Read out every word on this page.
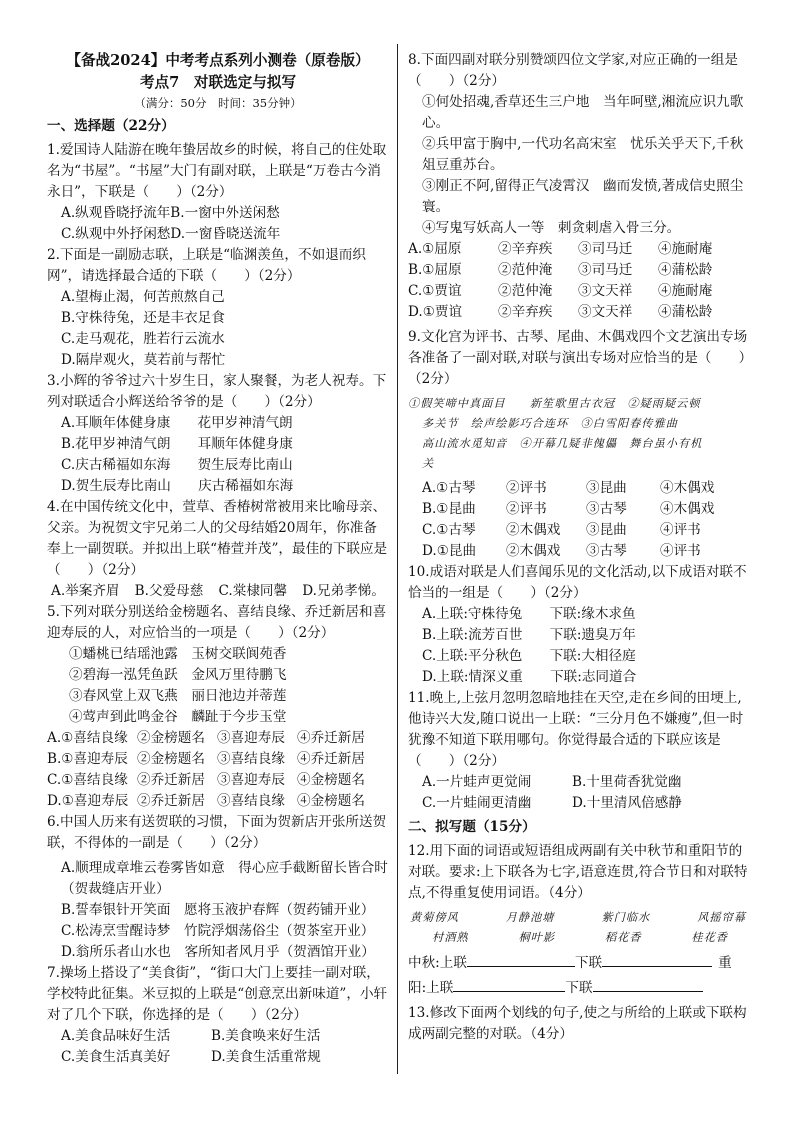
【备战2024】中考考点系列小测卷（原卷版）
考点7　对联选定与拟写
（满分：50分　时间：35分钟）
一、选择题（22分）
1.爱国诗人陆游在晚年蛰居故乡的时候，将自己的住处取名为“书屋”。“书屋”大门有副对联，上联是“万卷古今消永日”，下联是（　　）（2分）
A.纵观昏晓抒流年B.一窗中外送闲愁
C.纵观中外抒闲愁D.一窗昏晓送流年
2.下面是一副励志联，上联是“临渊羡鱼，不如退而织网”，请选择最合适的下联（　　）（2分）
A.望梅止渴，何苦煎熬自己
B.守株待兔，还是丰衣足食
C.走马观花，胜若行云流水
D.隔岸观火，莫若前与帮忙
3.小辉的爷爷过六十岁生日，家人聚餐，为老人祝寿。下列对联适合小辉送给爷爷的是（　　）（2分）
A.耳顺年体健身康　　花甲岁神清气朗
B.花甲岁神清气朗　　耳顺年体健身康
C.庆古稀福如东海　　贺生辰寿比南山
D.贺生辰寿比南山　　庆古稀福如东海
4.在中国传统文化中，萱草、香椿树常被用来比喻母亲、父亲。为祝贺文宇兄弟二人的父母结婚20周年，你准备奉上一副贺联。并拟出上联“椿萱并茂”，最佳的下联应是（　　）（2分）
A.举案齐眉 B.父爱母慈 C.棠棣同馨 D.兄弟孝悌。
5.下列对联分别送给金榜题名、喜结良缘、乔迁新居和喜迎寿辰的人，对应恰当的一项是（　　）（2分）
①蟠桃已结瑶池露　玉树交联阆苑香
②碧海一泓凭鱼跃　金风万里待鹏飞
③春风堂上双飞燕　丽日池边并蒂莲
④莺声到此鸣金谷　麟趾于今步玉堂
A.①喜结良缘 ②金榜题名 ③喜迎寿辰 ④乔迁新居
B.①喜迎寿辰 ②金榜题名 ③喜结良缘 ④乔迁新居
C.①喜结良缘 ②乔迁新居 ③喜迎寿辰 ④金榜题名
D.①喜迎寿辰 ②乔迁新居 ③喜结良缘 ④金榜题名
6.中国人历来有送贺联的习惯，下面为贺新店开张所送贺联，不得体的一副是（　　）（2分）
A.顺理成章堆云卷雾皆如意　得心应手截断留长皆合时（贺裁缝店开业）
B.誓奉银针开笑面　愿将玉液护春辉（贺药铺开业）
C.松涛烹雪醒诗梦　竹院浮烟荡俗尘（贺茶室开业）
D.翁所乐者山水也　客所知者风月乎（贺酒馆开业）
7.操场上搭设了“美食街”，“街口大门上要挂一副对联，学校特此征集。米豆拟的上联是“创意烹出新味道”，小轩对了几个下联，你选择的是（　　）（2分）
A.美食品味好生活	B.美食唤来好生活
C.美食生活真美好	D.美食生活重常规
8.下面四副对联分别赞颂四位文学家,对应正确的一组是（　　）（2分）
①何处招魂,香草还生三户地　当年呵壁,湘流应识九歌心。
②兵甲富于胸中,一代功名高宋室　忧乐关乎天下,千秋俎豆重苏台。
③刚正不阿,留得正气凌霄汉　幽而发愤,著成信史照尘寰。
④写鬼写妖高人一等　刺贪刺虐入骨三分。
A.①屈原	②辛弃疾	③司马迁	④施耐庵
B.①屈原	②范仲淹	③司马迁	④蒲松龄
C.①贾谊	②范仲淹	③文天祥	④施耐庵
D.①贾谊	②辛弃疾	③文天祥	④蒲松龄
9.文化宫为评书、古琴、尾曲、木偶戏四个文艺演出专场各准备了一副对联,对联与演出专场对应恰当的是（　　）（2分）
①假笑啼中真面目　　新笙歌里古衣冠　②疑雨疑云顿
多关节　绘声绘影巧合连环　③白雪阳春传雅曲
高山流水觅知音　④开幕几疑非傀儡　舞台虽小有机
关
A.①古琴	②评书	③昆曲	④木偶戏
B.①昆曲	②评书	③古琴	④木偶戏
C.①古琴	②木偶戏	③昆曲	④评书
D.①昆曲	②木偶戏	③古琴	④评书
10.成语对联是人们喜闻乐见的文化活动,以下成语对联不恰当的一组是（　　）（2分）
A.上联:守株待兔　　下联:缘木求鱼
B.上联:流芳百世　　下联:遗臭万年
C.上联:平分秋色　　下联:大相径庭
D.上联:情深义重　　下联:志同道合
11.晚上,上弦月忽明忽暗地挂在天空,走在乡间的田埂上,他诗兴大发,随口说出一上联：“三分月色不嫌瘦”,但一时犹豫不知道下联用哪句。你觉得最合适的下联应该是（　　）（2分）
A.一片蛙声更觉闹	B.十里荷香犹觉幽
C.一片蛙闹更清幽	D.十里清风倍感静
二、拟写题（15分）
12.用下面的词语或短语组成两副有关中秋节和重阳节的对联。要求:上下联各为七字,语意连贯,符合节日和对联特点,不得重复使用词语。（4分）
黄菊傍风	月静池塘	紫门临水	风摇帘幕
村酒熟	桐叶影	稻花香	桂花香
中秋:上联	下联	重
阳:上联	下联
13.修改下面两个划线的句子,使之与所给的上联或下联构成两副完整的对联。（4分）
